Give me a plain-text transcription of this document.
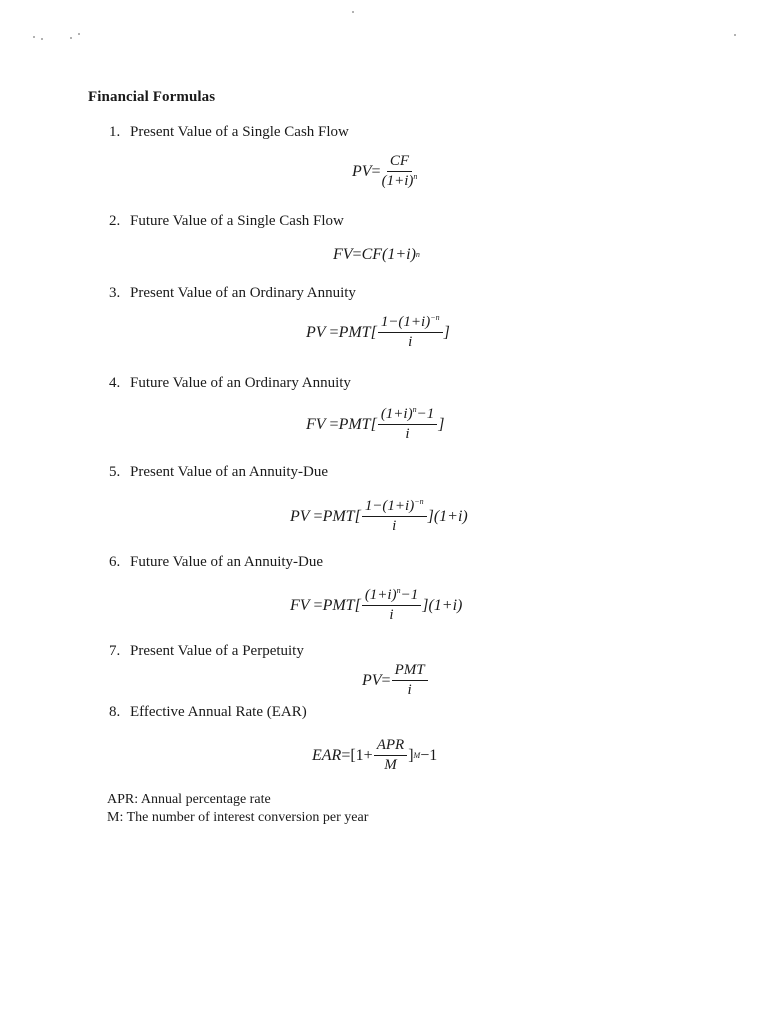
Financial Formulas
1. Present Value of a Single Cash Flow
PV = $\frac{CF}{(1+i)^n}$
2. Future Value of a Single Cash Flow
FV = CF(1+i) n
3. Present Value of an Ordinary Annuity
PV
= $PMT[ \frac{1-(1+i)^{-n}}{i}$ ]
4. Future Value of an Ordinary Annuity
FV
= $PMT[ \frac{(1+i)^n-1}{i}$ ]
5. Present Value of an Annuity-Due
PV
= $PMT[ \frac{1-(1+i)^{-n}}{i} ](1+i)$
6. Future Value of an Annuity-Due
FV
= $PMT[ \frac{(1+i)^n-1}{i} ](1+i)$
7. Present Value of a Perpetuity
PV = $\frac{\text{PMT}}{i}$
8. Effective Annual Rate (EAR)
EAR $=[1+ \frac{\text{APR}}{M}$ ] M −1
APR: Annual percentage rate
M: The number of interest conversion per year
